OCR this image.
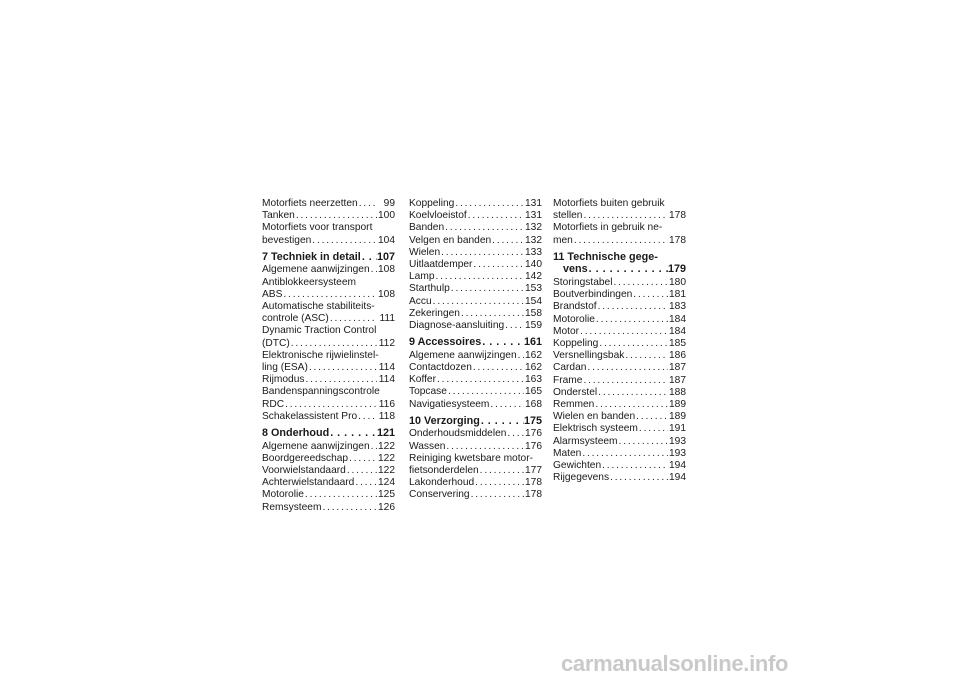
Motorfiets neerzetten . . .	99
Tanken . . .	100
Motorfiets voor transport
bevestigen . . .	104
7 Techniek in detail . . . 107
Algemene aanwijzingen . . . 108
Antiblokkeersysteem
ABS . . .	108
Automatische stabiliteits-
controle (ASC) . . .	111
Dynamic Traction Control
(DTC) . . .	112
Elektronische rijwielinstel-
ling (ESA) . . .	114
Rijmodus . . .	114
Bandenspanningscontrole
RDC . . .	116
Schakelassistent Pro . . . 118
8 Onderhoud . . .	121
Algemene aanwijzingen . . . 122
Boordgereedschap . . .	122
Voorwielstandaard . . .	122
Achterwielstandaard . . . 124
Motorolie . . .	125
Remsysteem . . .	126
Koppeling . . .	131
Koelvloeistof . . .	131
Banden . . .	132
Velgen en banden . . .	132
Wielen . . .	133
Uitlaatdemper . . .	140
Lamp . . .	142
Starthulp . . .	153
Accu . . .	154
Zekeringen . . .	158
Diagnose-aansluiting . . . 159
9 Accessoires . . .	161
Algemene aanwijzingen . . . 162
Contactdozen . . .	162
Koffer . . .	163
Topcase . . .	165
Navigatiesysteem . . .	168
10 Verzorging . . .	175
Onderhoudsmiddelen . . . 176
Wassen . . .	176
Reiniging kwetsbare motor-
fietsonderdelen . . .	177
Lakonderhoud . . .	178
Conservering . . .	178
Motorfiets buiten gebruik
stellen . . .	178
Motorfiets in gebruik ne-
men . . .	178
11 Technische gege-
vens . . .	179
Storingstabel . . .	180
Boutverbindingen . . .	181
Brandstof . . .	183
Motorolie . . .	184
Motor . . .	184
Koppeling . . .	185
Versnellingsbak . . .	186
Cardan . . .	187
Frame . . .	187
Onderstel . . .	188
Remmen . . .	189
Wielen en banden . . .	189
Elektrisch systeem . . .	191
Alarmsysteem . . .	193
Maten . . .	193
Gewichten . . .	194
Rijgegevens . . .	194
carmanualsonline.info
